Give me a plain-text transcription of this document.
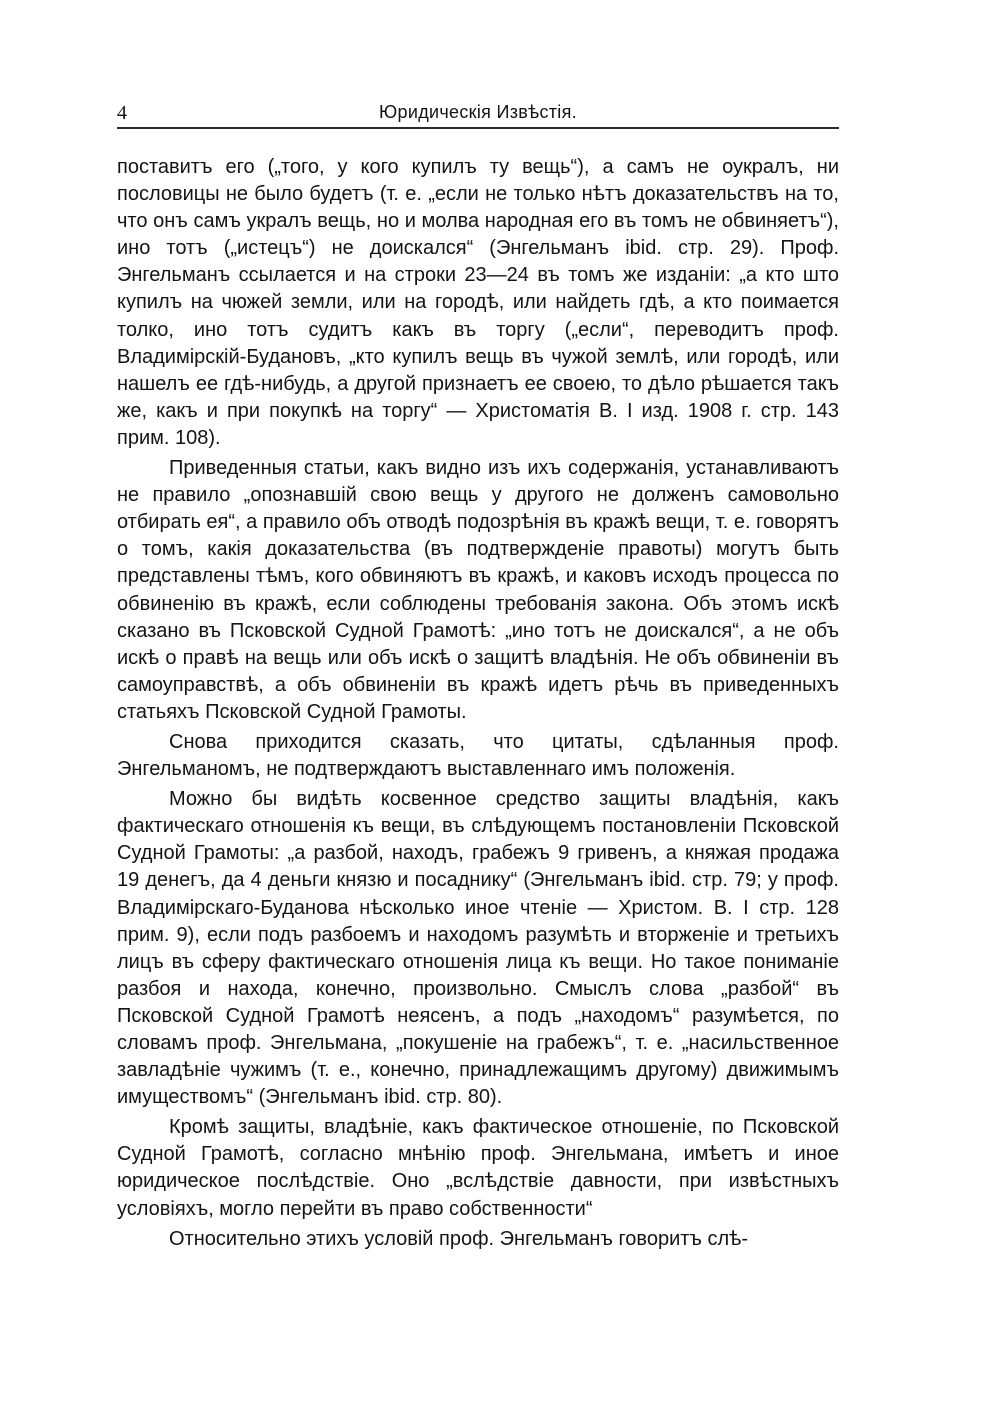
4	Юридическія Извѣстія.

поставитъ его („того, у кого купилъ ту вещь“), а самъ не оукралъ, ни пословицы не было будетъ (т. е. „если не только нѣтъ доказательствъ на то, что онъ самъ укралъ вещь, но и молва народная его въ томъ не обвиняетъ“), ино тотъ („истецъ“) не доискался“ (Энгельманъ ibid. стр. 29). Проф. Энгельманъ ссылается и на строки 23—24 въ томъ же изданіи: „а кто што купилъ на чюжей земли, или на городѣ, или найдеть гдѣ, а кто поимается толко, ино тотъ судитъ какъ въ торгу („если“, переводитъ проф. Владимірскій-Будановъ, „кто купилъ вещь въ чужой землѣ, или городѣ, или нашелъ ее гдѣ-нибудь, а другой признаетъ ее своею, то дѣло рѣшается такъ же, какъ и при покупкѣ на торгу“ — Христоматія В. I изд. 1908 г. стр. 143 прим. 108).

Приведенныя статьи, какъ видно изъ ихъ содержанія, устанавливаютъ не правило „опознавшій свою вещь у другого не долженъ самовольно отбирать ея“, а правило объ отводѣ подозрѣнія въ кражѣ вещи, т. е. говорятъ о томъ, какія доказательства (въ подтвержденіе правоты) могутъ быть представлены тѣмъ, кого обвиняютъ въ кражѣ, и каковъ исходъ процесса по обвиненію въ кражѣ, если соблюдены требованія закона. Объ этомъ искѣ сказано въ Псковской Судной Грамотѣ: „ино тотъ не доискался“, а не объ искѣ о правѣ на вещь или объ искѣ о защитѣ владѣнія. Не объ обвиненіи въ самоуправствѣ, а объ обвиненіи въ кражѣ идетъ рѣчь въ приведенныхъ статьяхъ Псковской Судной Грамоты.

Снова приходится сказать, что цитаты, сдѣланныя проф. Энгельманомъ, не подтверждаютъ выставленнаго имъ положенія.

Можно бы видѣть косвенное средство защиты владѣнія, какъ фактическаго отношенія къ вещи, въ слѣдующемъ постановленіи Псковской Судной Грамоты: „а разбой, находъ, грабежъ 9 гривенъ, а княжая продажа 19 денегъ, да 4 деньги князю и посаднику“ (Энгельманъ ibid. стр. 79; у проф. Владимірскаго-Буданова нѣсколько иное чтеніе — Христом. В. I стр. 128 прим. 9), если подъ разбоемъ и находомъ разумѣть и вторженіе и третьихъ лицъ въ сферу фактическаго отношенія лица къ вещи. Но такое пониманіе разбоя и находа, конечно, произвольно. Смыслъ слова „разбой“ въ Псковской Судной Грамотѣ неясенъ, а подъ „находомъ“ разумѣется, по словамъ проф. Энгельмана, „покушеніе на грабежъ“, т. е. „насильственное завладѣніе чужимъ (т. е., конечно, принадлежащимъ другому) движимымъ имуществомъ“ (Энгельманъ ibid. стр. 80).

Кромѣ защиты, владѣніе, какъ фактическое отношеніе, по Псковской Судной Грамотѣ, согласно мнѣнію проф. Энгельмана, имѣетъ и иное юридическое послѣдствіе. Оно „вслѣдствіе давности, при извѣстныхъ условіяхъ, могло перейти въ право собственности“

Относительно этихъ условій проф. Энгельманъ говоритъ слѣ-
